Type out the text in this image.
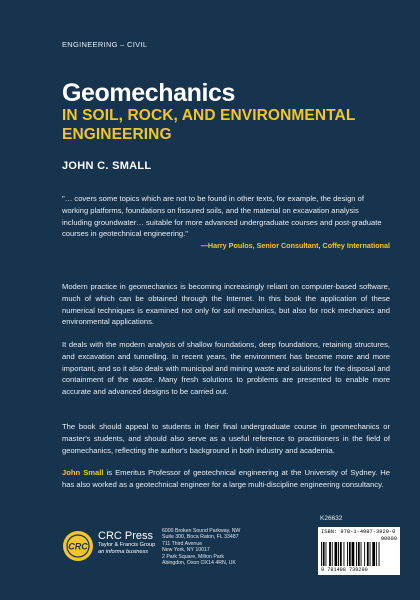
ENGINEERING – CIVIL
Geomechanics
IN SOIL, ROCK, AND ENVIRONMENTAL ENGINEERING
JOHN C. SMALL
"… covers some topics which are not to be found in other texts, for example, the design of working platforms, foundations on fissured soils, and the material on excavation analysis including groundwater… suitable for more advanced undergraduate courses and post-graduate courses in geotechnical engineering."
—Harry Poulos, Senior Consultant, Coffey International
Modern practice in geomechanics is becoming increasingly reliant on computer-based software, much of which can be obtained through the Internet. In this book the application of these numerical techniques is examined not only for soil mechanics, but also for rock mechanics and environmental applications.
It deals with the modern analysis of shallow foundations, deep foundations, retaining structures, and excavation and tunnelling. In recent years, the environment has become more and more important, and so it also deals with municipal and mining waste and solutions for the disposal and containment of the waste. Many fresh solutions to problems are presented to enable more accurate and advanced designs to be carried out.
The book should appeal to students in their final undergraduate course in geomechanics or master's students, and should also serve as a useful reference to practitioners in the field of geomechanics, reflecting the author's background in both industry and academia.
John Small is Emeritus Professor of geotechnical engineering at the University of Sydney. He has also worked as a geotechnical engineer for a large multi-discipline engineering consultancy.
K26632
CRC
CRC Press
Taylor & Francis Group
an informa business
6000 Broken Sound Parkway, NW
Suite 300, Boca Raton, FL 33487
711 Third Avenue
New York, NY 10017
2 Park Square, Milton Park
Abingdon, Oxon OX14 4RN, UK
ISBN: 978-1-4987-3929-0
90000
9 781498 739290
